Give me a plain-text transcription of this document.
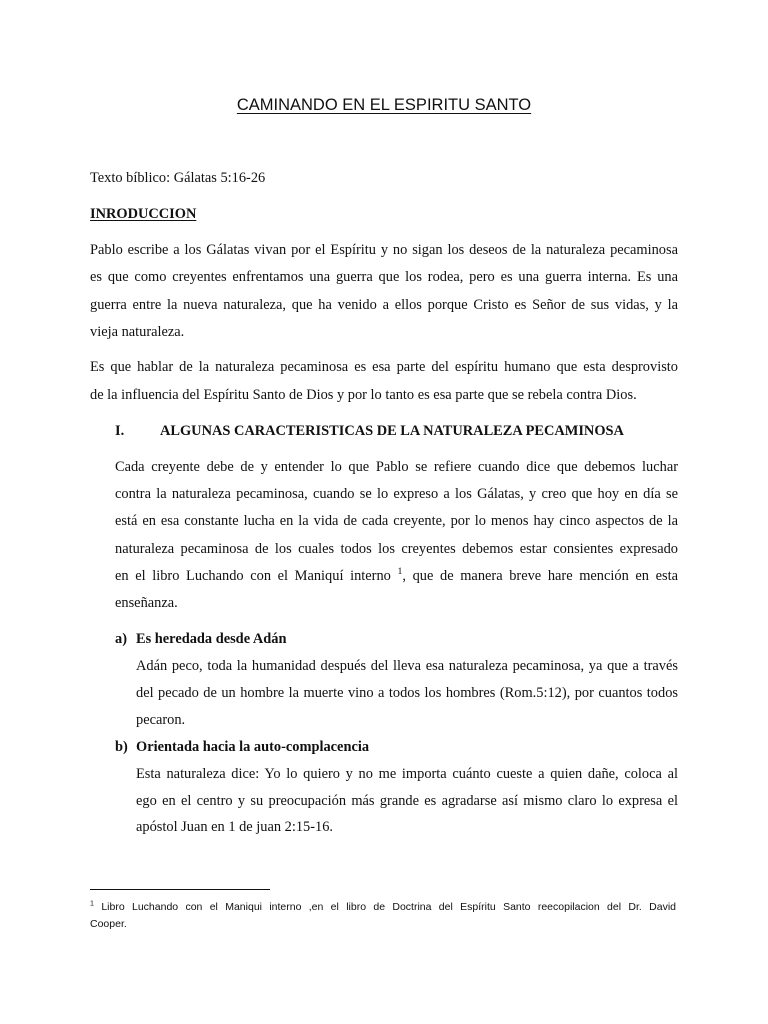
CAMINANDO EN EL ESPIRITU SANTO
Texto bíblico: Gálatas 5:16-26
INRODUCCION
Pablo escribe a los Gálatas vivan por el Espíritu y no sigan los deseos de la naturaleza pecaminosa
es que como creyentes enfrentamos una guerra que los rodea, pero es una guerra interna. Es una
guerra entre la nueva naturaleza, que ha venido a ellos porque Cristo es Señor de sus vidas, y la
vieja naturaleza.
Es que hablar de la naturaleza pecaminosa es esa parte del espíritu humano que esta desprovisto
de la influencia del Espíritu Santo de Dios y por lo tanto es esa parte que se rebela contra Dios.
I. ALGUNAS CARACTERISTICAS DE LA NATURALEZA PECAMINOSA
Cada creyente debe de y entender lo que Pablo se refiere cuando dice que debemos luchar
contra la naturaleza pecaminosa, cuando se lo expreso a los Gálatas, y creo que hoy en día se
está en esa constante lucha en la vida de cada creyente, por lo menos hay cinco aspectos de la
naturaleza pecaminosa de los cuales todos los creyentes debemos estar consientes expresado
en el libro Luchando con el Maniquí interno $^1$, que de manera breve hare mención en esta
enseñanza.
a) Es heredada desde Adán
Adán peco, toda la humanidad después del lleva esa naturaleza pecaminosa, ya que a través
del pecado de un hombre la muerte vino a todos los hombres (Rom.5:12), por cuantos todos
pecaron.
b) Orientada hacia la auto-complacencia
Esta naturaleza dice: Yo lo quiero y no me importa cuánto cueste a quien dañe, coloca al
ego en el centro y su preocupación más grande es agradarse así mismo claro lo expresa el
apóstol Juan en 1 de juan 2:15-16.
$^1$ Libro Luchando con el Maniqui interno ,en el libro de Doctrina del Espíritu Santo reecopilacion del Dr. David
Cooper.
